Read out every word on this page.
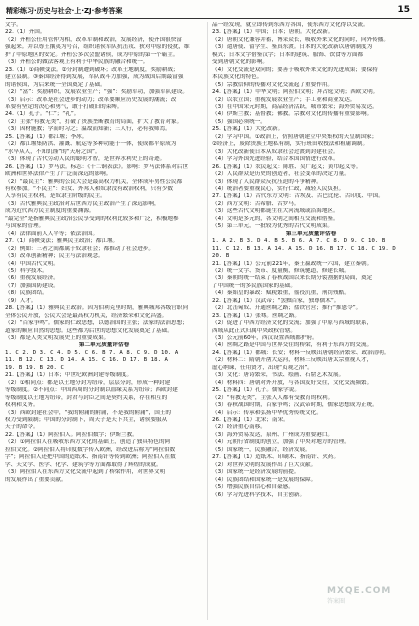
精彩练习·历史与社会·上·ZJ·参考答案	15
文字。
22.（1）齐国。
（2）齐桓公任用管仲为相，改革军制和政治，发展经济，使齐国很快富
强起来。并以尊王攘夷为号召，组织诸侯军队抗击戎、狄对中原的侵扰，维
护了中原地区的安定。齐桓公多次会盟诸侯，成为中原的第一个霸主。
（3）齐桓公的做法客观上有利于中华民族的融合和统一。
23.（1）①商鞅变法。②分封制遭到破坏；改革土地制度，奖励耕战；
建立县制。③秦国经济得到发展，军队战斗力加强，成为战国后期最富强
的诸侯国，为后来统一全国奠定了基础。
（2）“富”：奖励耕织，发展农业生产；“强”：奖励军功，加强军队建设。
（3）启示：改革是社会进步的动力；改革要顺应历史发展的潮流；改
革要有坚定的决心和勇气，敢于打破旧的束缚。
24.（1）孔子。“仁”；“礼”。
（2）主张“有教无类”，打破了贵族垄断教育的局面，扩大了教育对象。
（3）因材施教；学而时习之；温故而知新；三人行，必有我师焉。
25.【答案】（1）都江堰；李冰。
（2）都江堰集防洪、灌溉、航运等多种功能于一体，使成都平原成为
“水旱从人，不知饥馑”的“天府之国”。
（3）体现了古代劳动人民的聪明才智，是世界水利史上的奇迹。
26.【答案】（1）罗马法。标志：《十二铜表法》。影响：罗马法体系对后世
欧洲和世界法律产生了广泛而深远的影响。
（2）“最民主”：雅典的公民大会是最高权力机关，全体成年男性公民都
有权参加。“不民主”：妇女、外邦人和奴隶没有政治权利，只有少数
人享有民主权利，是奴隶主阶级的民主。
（3）古代雅典民主政治对后世西方民主政治产生了深远影响，
成为近代西方民主制度的重要渊源。
“最完全”是指雅典民主政治公民享受到的权利比较多和广泛，积极地参
与国家的管理。
（4）法律面前人人平等；依法治国。
27.（1）商鞅变法；雅典民主政治；都江堰。
（2）例如：三者之间都属于奴隶社会；都推动了社会进步。
（3）改革创新精神；民主与法治观念。
（4）中国古代文明。
（5）科学技术。
（6）重视发展经济。
（7）加强国防建设。
（8）民族团结。
（9）人才。
28.【答案】（1）雅典民主政治。因为伯利克里时期，雅典城邦各级官职向
全体公民开放，公民大会是最高权力机关，经济繁荣和文化昌盛。
（2）“百家争鸣”。儒家的仁政思想，以德治国的主张；法家的法治思想；
道家的顺应自然的思想。这些都为后世的思想文化发展奠定了基础。
（3）都是人类文明发展史上的重要成果。
第二单元质量评估卷
1. C 2. D 3. C 4. D 5. C 6. B 7. A 8. C 9. D 10. A
11. B 12. C 13. D 14. A 15. C 16. D 17. B 18. A
19. B 19. B 20. C
21.【答案】（1）日本；中世纪欧洲封建等级制度。
（2）①相同点：都是以土地分封为纽带，层层分封，形成一种封建
等级制度。②不同点：中国西周的分封制以血缘关系为纽带；西欧封建
等级制度以土地为纽带，封君与封臣之间是契约关系，存在相互的
权利和义务。
（3）西欧封建社会中，“我的附庸的附庸，不是我的附庸”，国王的
权力受到限制；中国的分封制下，周天子是天下共主，诸侯要服从
天子的命令。
22.【答案】（1）阿拉伯人。阿拉伯数字；伊斯兰教。
（2）①阿拉伯人在吸收东西方文化的基础上，创造了独具特色的阿
拉伯文化。②阿拉伯人将印度数字传入欧洲，经改进后称为“阿拉伯数
字”；阿拉伯人还把中国的造纸术、指南针等传到欧洲；阿拉伯人在数
学、天文学、医学、化学、建筑学等方面都取得了辉煌的成就。
（3）阿拉伯人在东西方文化交流中起到了桥梁作用，对世界文明
的发展作出了重要贡献。
品一经发现，就立即传到东西方各国，使东西方文化得以交流。
23.【答案】（1）中国；日本；唐朝。大化改新。
（2）唐朝文化兼容并蓄，博采众长，吸收外来文化的同时，向外传播。
（3）遣唐使、留学生、鉴真东渡。日本的大化改新以唐朝制度为
模式；日本文字借鉴汉字；日本的建筑、服饰、饮食等方面都
受到唐朝文化的影响。
（4）文化交流是双向的；要善于吸收外来文化的先进成果；要保持
本民族文化的特色。
（5）宗教信仰的传播对文化交流起了重要作用。
24.【答案】（1）中华文明；阿拉伯文明；拜占庭文明；西欧文明。
（2）以农立国；重视发展农业生产；手工业和商业发达。
（3）在中国宋元时期，商品经济活跃，城市繁荣；海外贸易发达。
（4）伊斯兰教；基督教；佛教。宗教对文化的传播有重要影响。
（5）强国必须统一。
25.【答案】（1）大化改新。
（2）学习中国。①政治上，仿照唐朝建立中央集权的天皇制国家；
②经济上，废除贵族土地私有制，实行班田收授法和租庸调制。
（3）大化改新使日本从奴隶社会过渡到封建社会。
（4）学习外国先进经验，结合本国国情进行改革。
26.【答案】（1）农民起义：陈胜、吴广起义；黄巾起义等。
（2）人民群众是历史的创造者，社会变革的决定力量。
（3）体现了人民群众反抗压迫的斗争精神。
（4）统治者要重视民心，实行仁政，减轻人民负担。
27.【答案】（1）古代东方文明：古埃及、古巴比伦、古印度、中国。
（2）西方文明：古希腊、古罗马。
（3）这些古代文明都诞生在大河流域或沿海地区。
（4）文明是多元的，各文明之间相互交流和借鉴。
（5）第三单元，一批较为优秀的古代文明成果。
第三单元质量评估卷
1. A 2. B 3. D 4. B 5. B 6. A 7. C 8. D 9. C 10. B
11. C 12. B 13. A 14. A 15. D 16. B 17. C 18. C 19. D
20. B
21.【答案】（1）公元前221年，秦王嬴政统一六国，建立秦朝。
（2）统一文字、货币、度量衡，修筑驰道，修建长城。
（3）秦朝的统一结束了春秋战国以来长期分裂割据的局面，奠定
了中国统一的多民族国家的基础。
（4）秦始皇的暴政：赋税繁重，徭役沉重，刑罚残酷。
22.【答案】（1）汉武帝；“罢黜百家，独尊儒术”。
（2）北击匈奴、开通丝绸之路；盐铁官营；推行“推恩令”。
23.【答案】（1）张骞。丝绸之路。
（2）促进了中西方经济文化的交流；加强了中原与西域的联系，
西域从此正式归属中央政权管辖。
（3）公元前60年，西汉设置西域都护府。
（4）丝绸之路是中国与世界交往的桥梁，有利于东西方的交流。
24.【答案】（1）都城：长安；材料一反映出唐朝经济繁荣、政治清明。
（2）材料二：隋朝开凿大运河，材料三反映出唐太宗重视人才，
虚心纳谏，任用贤才，出现“贞观之治”。
（3）文化：唐诗繁荣，书法、绘画、石窟艺术发展。
（4）材料四：唐朝对外开放，与各国友好交往，文化交流频繁。
25.【答案】（1）孔子。儒家学说。
（2）“有教无类”，主张人人都有受教育的权利。
（3）春秋战国时期，百家争鸣；汉武帝时期，儒家思想成为正统。
（4）启示：传承和弘扬中华优秀传统文化。
26.【答案】（1）北宋；南宋。
（2）经济重心南移。
（3）海外贸易发达，泉州、广州成为重要港口。
（4）元朝行省制度的创立，加强了中央对地方的管理。
（5）国家统一，民族融合，经济发展。
27.【答案】（1）造纸术、印刷术、指南针、火药。
（2）对世界文明的发展作出了巨大贡献。
（3）国家统一是经济发展的前提。
（4）民族团结和国家统一是发展的保障。
（5）增强民族自信心和自豪感。
（6）学习先进科学技术，自主创新。
MXQE.COM
答案圈
